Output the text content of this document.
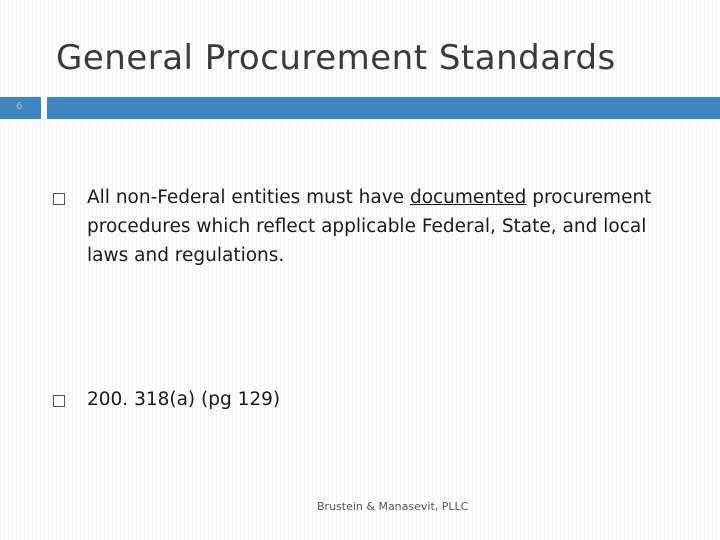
General Procurement Standards
6
All non-Federal entities must have documented procurement procedures which reflect applicable Federal, State, and local laws and regulations.
200. 318(a) (pg 129)
Brustein & Manasevit, PLLC
